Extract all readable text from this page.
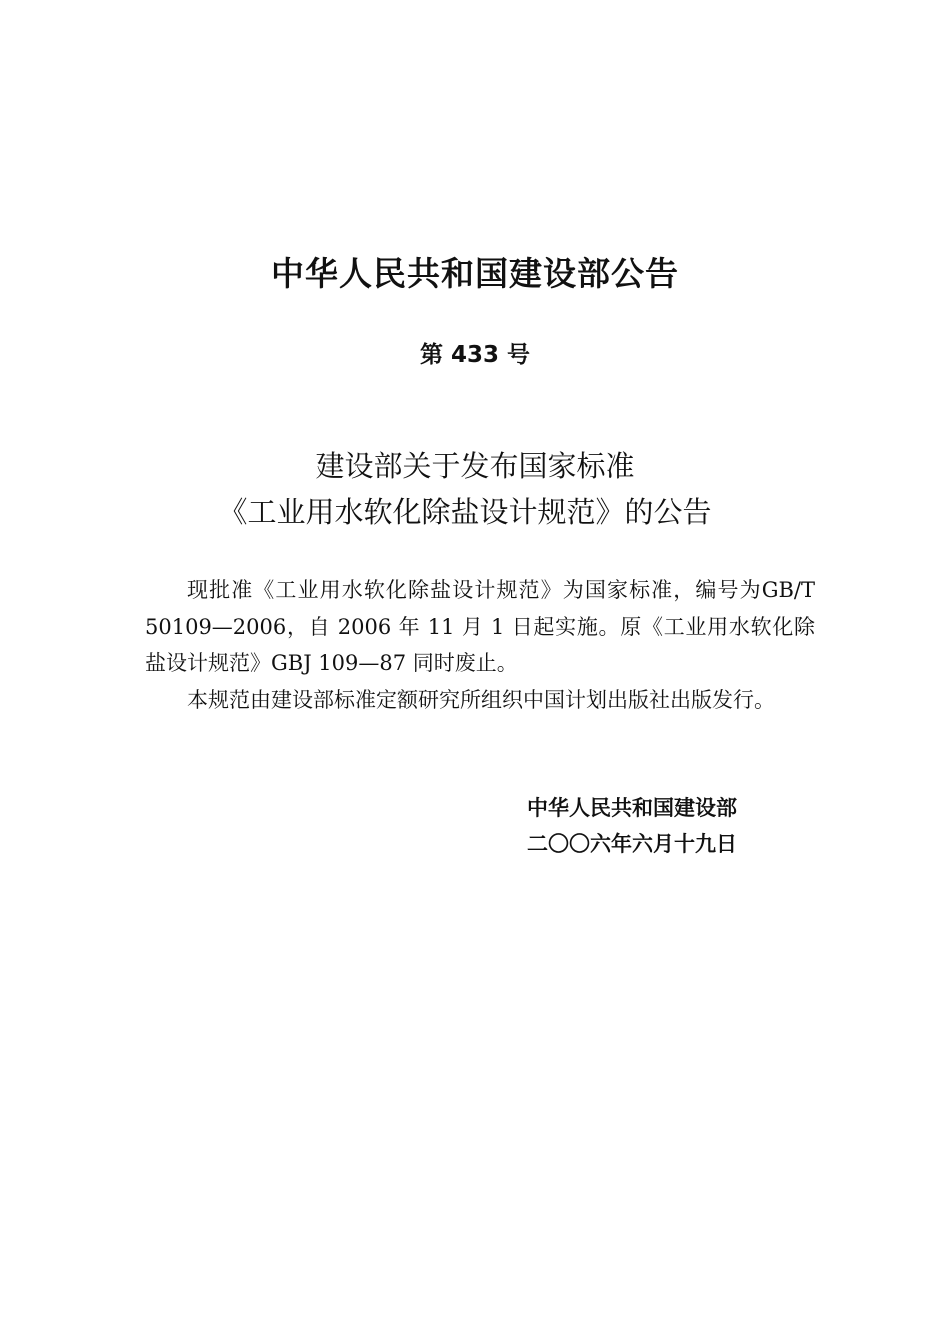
中华人民共和国建设部公告
第 433 号
建设部关于发布国家标准
《工业用水软化除盐设计规范》的公告

现批准《工业用水软化除盐设计规范》为国家标准，编号为GB/T 50109—2006，自 2006 年 11 月 1 日起实施。原《工业用水软化除盐设计规范》GBJ 109—87 同时废止。

本规范由建设部标准定额研究所组织中国计划出版社出版发行。

中华人民共和国建设部
二〇〇六年六月十九日
